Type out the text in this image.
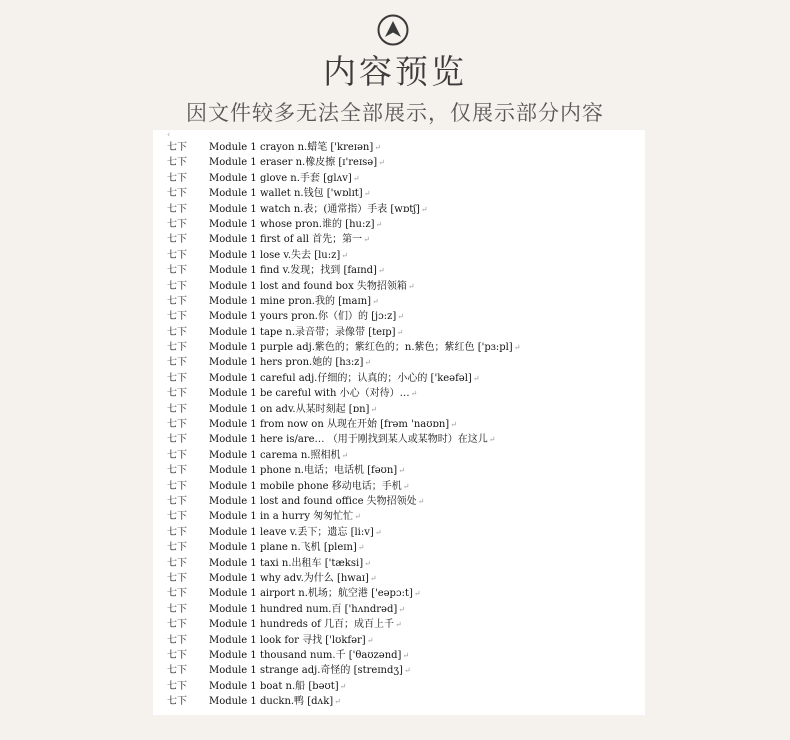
内容预览
因文件较多无法全部展示，仅展示部分内容
‹
七下 Module 1 crayon n.蜡笔 ['kreɪən]↵
七下 Module 1 eraser n.橡皮擦 [ɪ'reɪsə]↵
七下 Module 1 glove n.手套 [glʌv]↵
七下 Module 1 wallet n.钱包 ['wɒlɪt]↵
七下 Module 1 watch n.表；(通常指）手表 [wɒtʃ]↵
七下 Module 1 whose pron.谁的 [hu:z]↵
七下 Module 1 first of all 首先；第一↵
七下 Module 1 lose v.失去 [lu:z]↵
七下 Module 1 find v.发现；找到 [faɪnd]↵
七下 Module 1 lost and found box 失物招领箱↵
七下 Module 1 mine pron.我的 [maɪn]↵
七下 Module 1 yours pron.你（们）的 [jɔ:z]↵
七下 Module 1 tape n.录音带；录像带 [teɪp]↵
七下 Module 1 purple adj.紫色的；紫红色的；n.紫色；紫红色 ['pɜ:pl]↵
七下 Module 1 hers pron.她的 [hɜ:z]↵
七下 Module 1 careful adj.仔细的；认真的；小心的 ['keəfəl]↵
七下 Module 1 be careful with 小心（对待）…↵
七下 Module 1 on adv.从某时刻起 [ɒn]↵
七下 Module 1 from now on 从现在开始 [frəm 'naʊɒn]↵
七下 Module 1 here is/are… （用于刚找到某人或某物时）在这儿↵
七下 Module 1 carema n.照相机↵
七下 Module 1 phone n.电话；电话机 [fəʊn]↵
七下 Module 1 mobile phone 移动电话；手机↵
七下 Module 1 lost and found office 失物招领处↵
七下 Module 1 in a hurry 匆匆忙忙↵
七下 Module 1 leave v.丢下；遗忘 [li:v]↵
七下 Module 1 plane n.飞机 [pleɪn]↵
七下 Module 1 taxi n.出租车 ['tæksi]↵
七下 Module 1 why adv.为什么 [hwaɪ]↵
七下 Module 1 airport n.机场；航空港 ['eəpɔ:t]↵
七下 Module 1 hundred num.百 ['hʌndrəd]↵
七下 Module 1 hundreds of 几百；成百上千↵
七下 Module 1 look for 寻找 ['lʊkfər]↵
七下 Module 1 thousand num.千 ['θaʊzənd]↵
七下 Module 1 strange adj.奇怪的 [streɪndʒ]↵
七下 Module 1 boat n.船 [bəʊt]↵
七下 Module 1 duckn.鸭 [dʌk]↵
